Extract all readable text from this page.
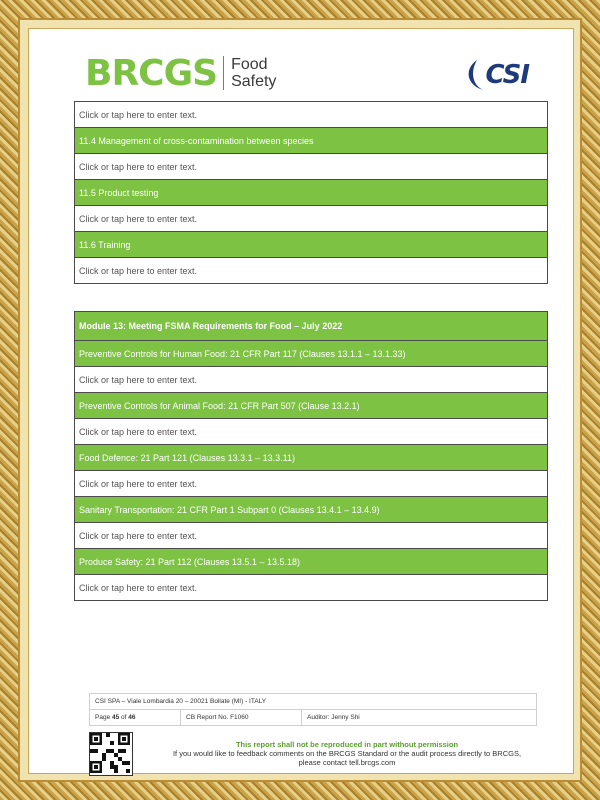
BRCGS Food
Safety	CSI
Click or tap here to enter text.
11.4 Management of cross-contamination between species
Click or tap here to enter text.
11.5 Product testing
Click or tap here to enter text.
11.6 Training
Click or tap here to enter text.
Module 13: Meeting FSMA Requirements for Food – July 2022
Preventive Controls for Human Food: 21 CFR Part 117 (Clauses 13.1.1 – 13.1.33)
Click or tap here to enter text.
Preventive Controls for Animal Food: 21 CFR Part 507 (Clause 13.2.1)
Click or tap here to enter text.
Food Defence: 21 Part 121 (Clauses 13.3.1 – 13.3.11)
Click or tap here to enter text.
Sanitary Transportation: 21 CFR Part 1 Subpart 0 (Clauses 13.4.1 – 13.4.9)
Click or tap here to enter text.
Produce Safety: 21 Part 112 (Clauses 13.5.1 – 13.5.18)
Click or tap here to enter text.
CSI SPA – Viale Lombardia 20 – 20021 Bollate (MI) - ITALY
Page 45 of 46	CB Report No. F1060	Auditor: Jenny Shi
This report shall not be reproduced in part without permission
If you would like to feedback comments on the BRCGS Standard or the audit process directly to BRCGS,
please contact tell.brcgs.com
